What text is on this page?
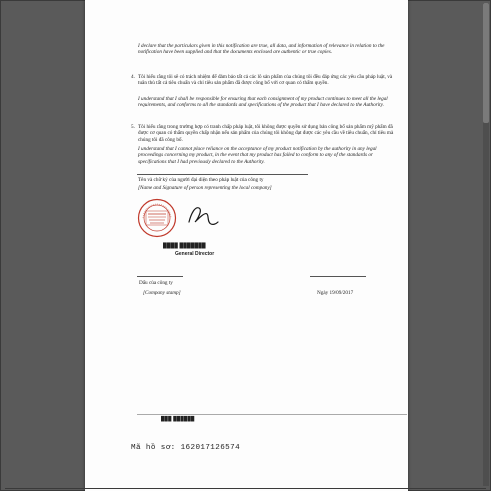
I declare that the particulars given in this notification are true, all data, and information of relevance in relation to the notification have been supplied and that the documents enclosed are authentic or true copies.
4. Tôi hiểu rằng tôi sẽ có trách nhiệm để đảm bảo tất cả các lô sản phẩm của chúng tôi đều đáp ứng các yêu cầu pháp luật, và tuân thủ tất cả tiêu chuẩn và chỉ tiêu sản phẩm đã được công bố với cơ quan có thẩm quyền.
I understand that I shall be responsible for ensuring that each consignment of my product continues to meet all the legal requirements, and conforms to all the standards and specifications of the product that I have declared to the Authority.
5. Tôi hiểu rằng trong trường hợp có tranh chấp pháp luật, tôi không được quyền sử dụng bản công bố sản phẩm mỹ phẩm đã được cơ quan có thẩm quyền chấp nhận nếu sản phẩm của chúng tôi không đạt được các yêu cầu về tiêu chuẩn, chỉ tiêu mà chúng tôi đã công bố.
I understand that I cannot place reliance on the acceptance of my product notification by the authority in any legal proceedings concerning my product, in the event that my product has failed to conform to any of the standards or specifications that I had previously declared to the Authority.
Tên và chữ ký của người đại diện theo pháp luật của công ty
[Name and Signature of person representing the local company]
████ ███████
General Director
Dấu của công ty
[Company stamp]	Ngày 19/09/2017
███ ██████
Mã hồ sơ: 162017126574
